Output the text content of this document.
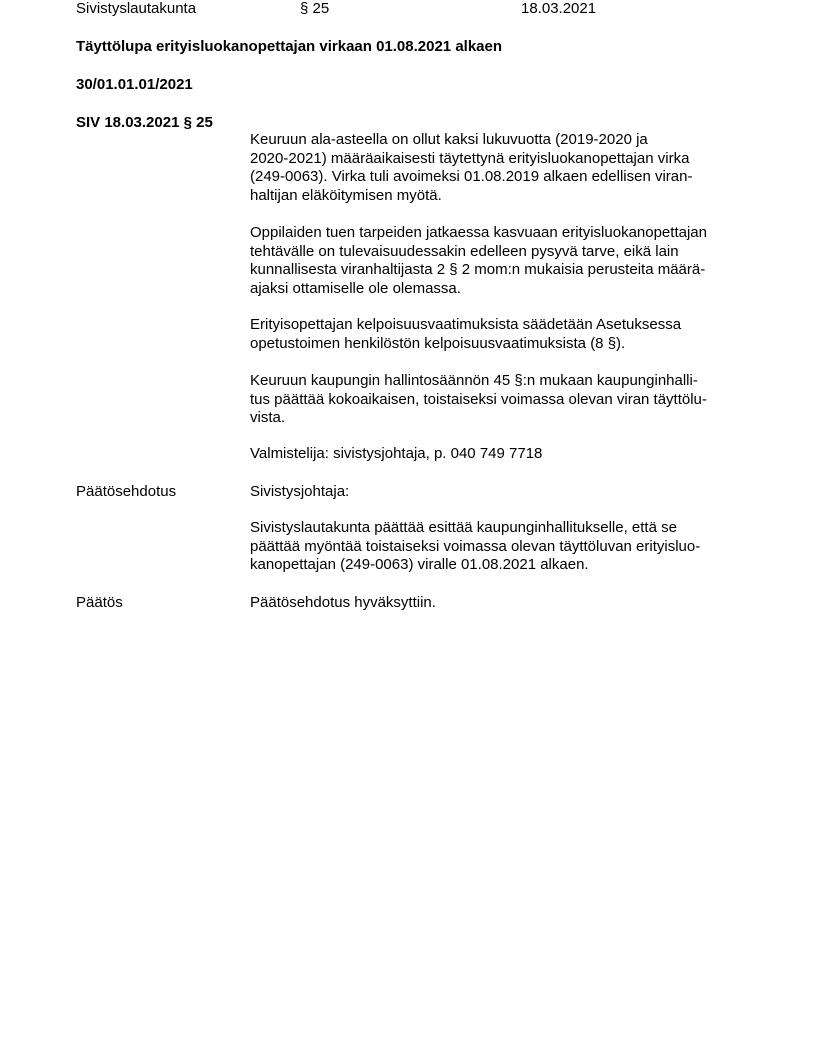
Sivistyslautakunta	§ 25	18.03.2021
Täyttölupa erityisluokanopettajan virkaan 01.08.2021 alkaen
30/01.01.01/2021
SIV 18.03.2021 § 25
Keuruun ala-asteella on ollut kaksi lukuvuotta (2019-2020 ja
2020-2021) määräaikaisesti täytettynä erityisluokanopettajan virka
(249-0063). Virka tuli avoimeksi 01.08.2019 alkaen edellisen viran-
haltijan eläköitymisen myötä.
Oppilaiden tuen tarpeiden jatkaessa kasvuaan erityisluokanopettajan
tehtävälle on tulevaisuudessakin edelleen pysyvä tarve, eikä lain
kunnallisesta viranhaltijasta 2 § 2 mom:n mukaisia perusteita määrä-
ajaksi ottamiselle ole olemassa.
Erityisopettajan kelpoisuusvaatimuksista säädetään Asetuksessa
opetustoimen henkilöstön kelpoisuusvaatimuksista (8 §).
Keuruun kaupungin hallintosäännön 45 §:n mukaan kaupunginhalli-
tus päättää kokoaikaisen, toistaiseksi voimassa olevan viran täyttölu-
vista.
Valmistelija: sivistysjohtaja, p. 040 749 7718
Päätösehdotus	Sivistysjohtaja:
Sivistyslautakunta päättää esittää kaupunginhallitukselle, että se
päättää myöntää toistaiseksi voimassa olevan täyttöluvan erityisluo-
kanopettajan (249-0063) viralle 01.08.2021 alkaen.
Päätös	Päätösehdotus hyväksyttiin.
